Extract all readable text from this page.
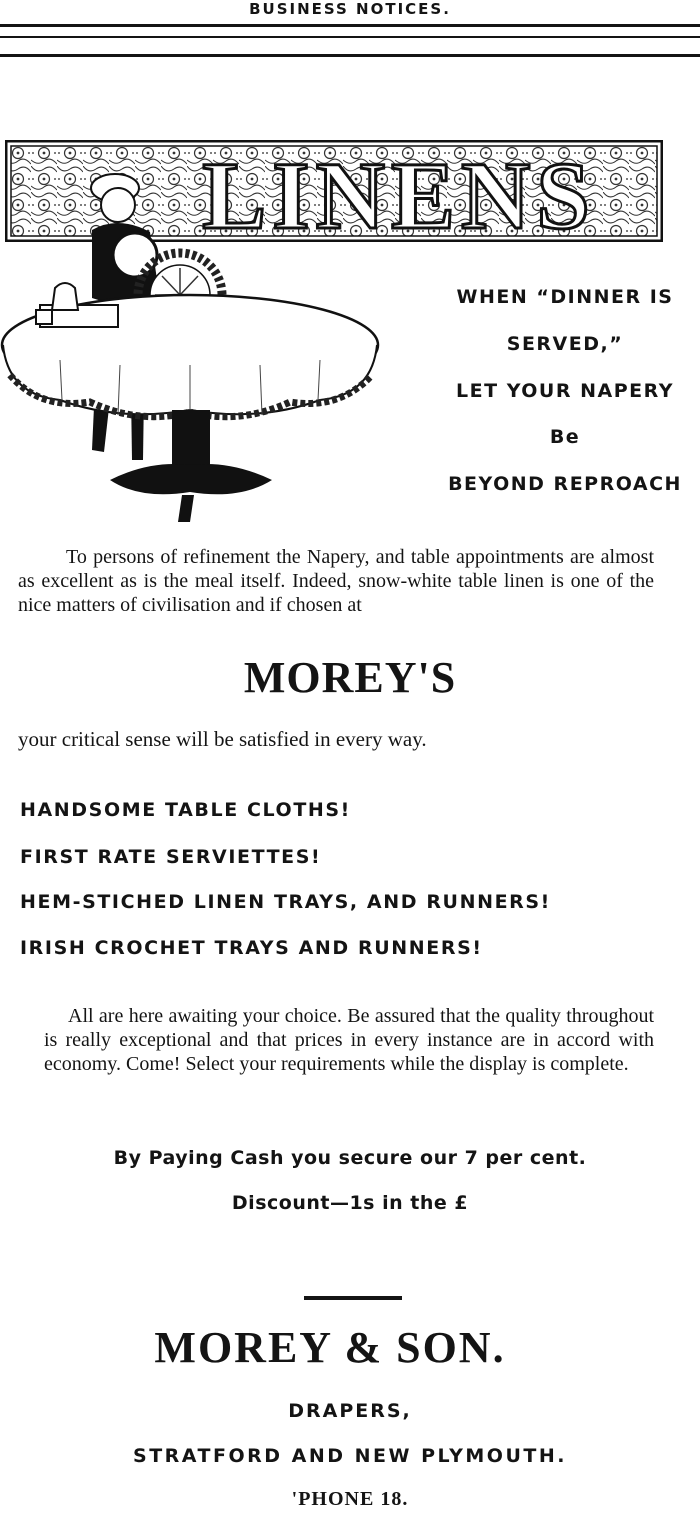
BUSINESS NOTICES.
LINENS
WHEN “DINNER IS
SERVED,”
LET YOUR NAPERY
Be
BEYOND REPROACH
To persons of refinement the Napery, and table appointments are almost as excellent as is the meal itself. Indeed, snow-white table linen is one of the nice matters of civilisation and if chosen at
MOREY'S
your critical sense will be satisfied in every way.
HANDSOME TABLE CLOTHS!
FIRST RATE SERVIETTES!
HEM-STICHED LINEN TRAYS, AND RUNNERS!
IRISH CROCHET TRAYS AND RUNNERS!
All are here awaiting your choice. Be assured that the quality throughout is really exceptional and that prices in every instance are in accord with economy. Come! Select your requirements while the display is complete.
By Paying Cash you secure our 7 per cent.
Discount—1s in the £
MOREY & SON.
DRAPERS,
STRATFORD AND NEW PLYMOUTH.
'PHONE 18.
